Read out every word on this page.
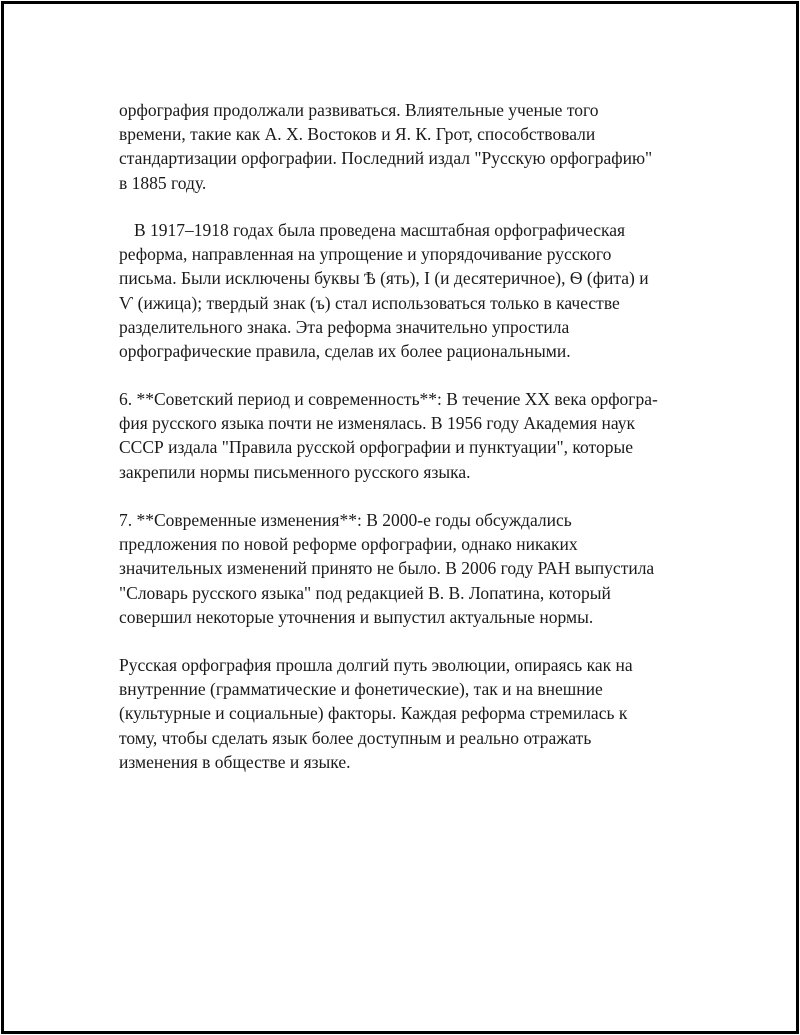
орфография продолжали развиваться. Влиятельные ученые того
времени, такие как А. Х. Востоков и Я. К. Грот, способствовали
стандартизации орфографии. Последний издал "Русскую орфографию"
в 1885 году.
В 1917–1918 годах была проведена масштабная орфографическая
реформа, направленная на упрощение и упорядочивание русского
письма. Были исключены буквы Ѣ (ять), І (и десятеричное), Ѳ (фита) и
Ѵ (ижица); твердый знак (ъ) стал использоваться только в качестве
разделительного знака. Эта реформа значительно упростила
орфографические правила, сделав их более рациональными.
6. **Советский период и современность**: В течение XX века орфогра-
фия русского языка почти не изменялась. В 1956 году Академия наук
СССР издала "Правила русской орфографии и пунктуации", которые
закрепили нормы письменного русского языка.
7. **Современные изменения**: В 2000-е годы обсуждались
предложения по новой реформе орфографии, однако никаких
значительных изменений принято не было. В 2006 году РАН выпустила
"Словарь русского языка" под редакцией В. В. Лопатина, который
совершил некоторые уточнения и выпустил актуальные нормы.
Русская орфография прошла долгий путь эволюции, опираясь как на
внутренние (грамматические и фонетические), так и на внешние
(культурные и социальные) факторы. Каждая реформа стремилась к
тому, чтобы сделать язык более доступным и реально отражать
изменения в обществе и языке.
